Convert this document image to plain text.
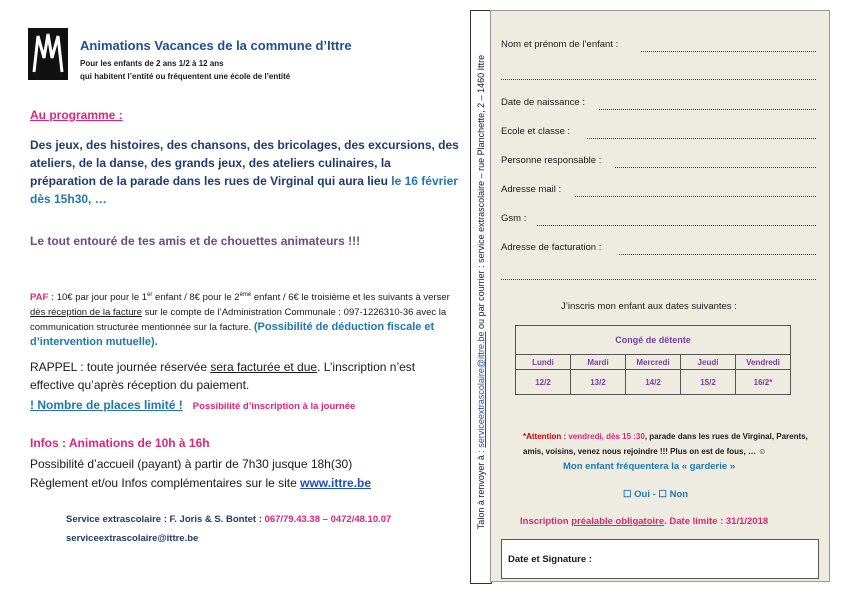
Animations Vacances de la commune d’Ittre
Pour les enfants de 2 ans 1/2 à 12 ans
qui habitent l’entité ou fréquentent une école de l’entité
Au programme :
Des jeux, des histoires, des chansons, des bricolages, des excursions, des ateliers, de la danse, des grands jeux, des ateliers culinaires, la préparation de la parade dans les rues de Virginal qui aura lieu le 16 février dès 15h30, …
Le tout entouré de tes amis et de chouettes animateurs !!!
PAF : 10€ par jour pour le 1er enfant / 8€ pour le 2ème enfant / 6€ le troisième et les suivants à verser dès réception de la facture sur le compte de l’Administration Communale : 097-1226310-36 avec la communication structurée mentionnée sur la facture. (Possibilité de déduction fiscale et d’intervention mutuelle).
RAPPEL : toute journée réservée sera facturée et due. L’inscription n’est effective qu’après réception du paiement.
! Nombre de places limité ! Possibilité d’inscription à la journée
Infos : Animations de 10h à 16h
Possibilité d’accueil (payant) à partir de 7h30 jusque 18h(30)
Règlement et/ou Infos complémentaires sur le site www.ittre.be
Service extrascolaire : F. Joris & S. Bontet : 067/79.43.38 – 0472/48.10.07
serviceextrascolaire@ittre.be
Talon à renvoyer à : serviceextrascolaire@ittre.be ou par courrier : service extrascolaire – rue Planchette, 2 – 1460 Ittre
Nom et prénom de l’enfant :
Date de naissance :
Ecole et classe :
Personne responsable :
Adresse mail :
Gsm :
Adresse de facturation :
J’inscris mon enfant aux dates suivantes :
Congé de détente				
Lundi	Mardi	Mercredi	Jeudi	Vendredi
12/2	13/2	14/2	15/2	16/2*
*Attention : vendredi, dès 15 :30, parade dans les rues de Virginal, Parents, amis, voisins, venez nous rejoindre !!! Plus on est de fous, … ☺
Mon enfant fréquentera la « garderie »
☐ Oui - ☐ Non
Inscription préalable obligatoire. Date limite : 31/1/2018
Date et Signature :
